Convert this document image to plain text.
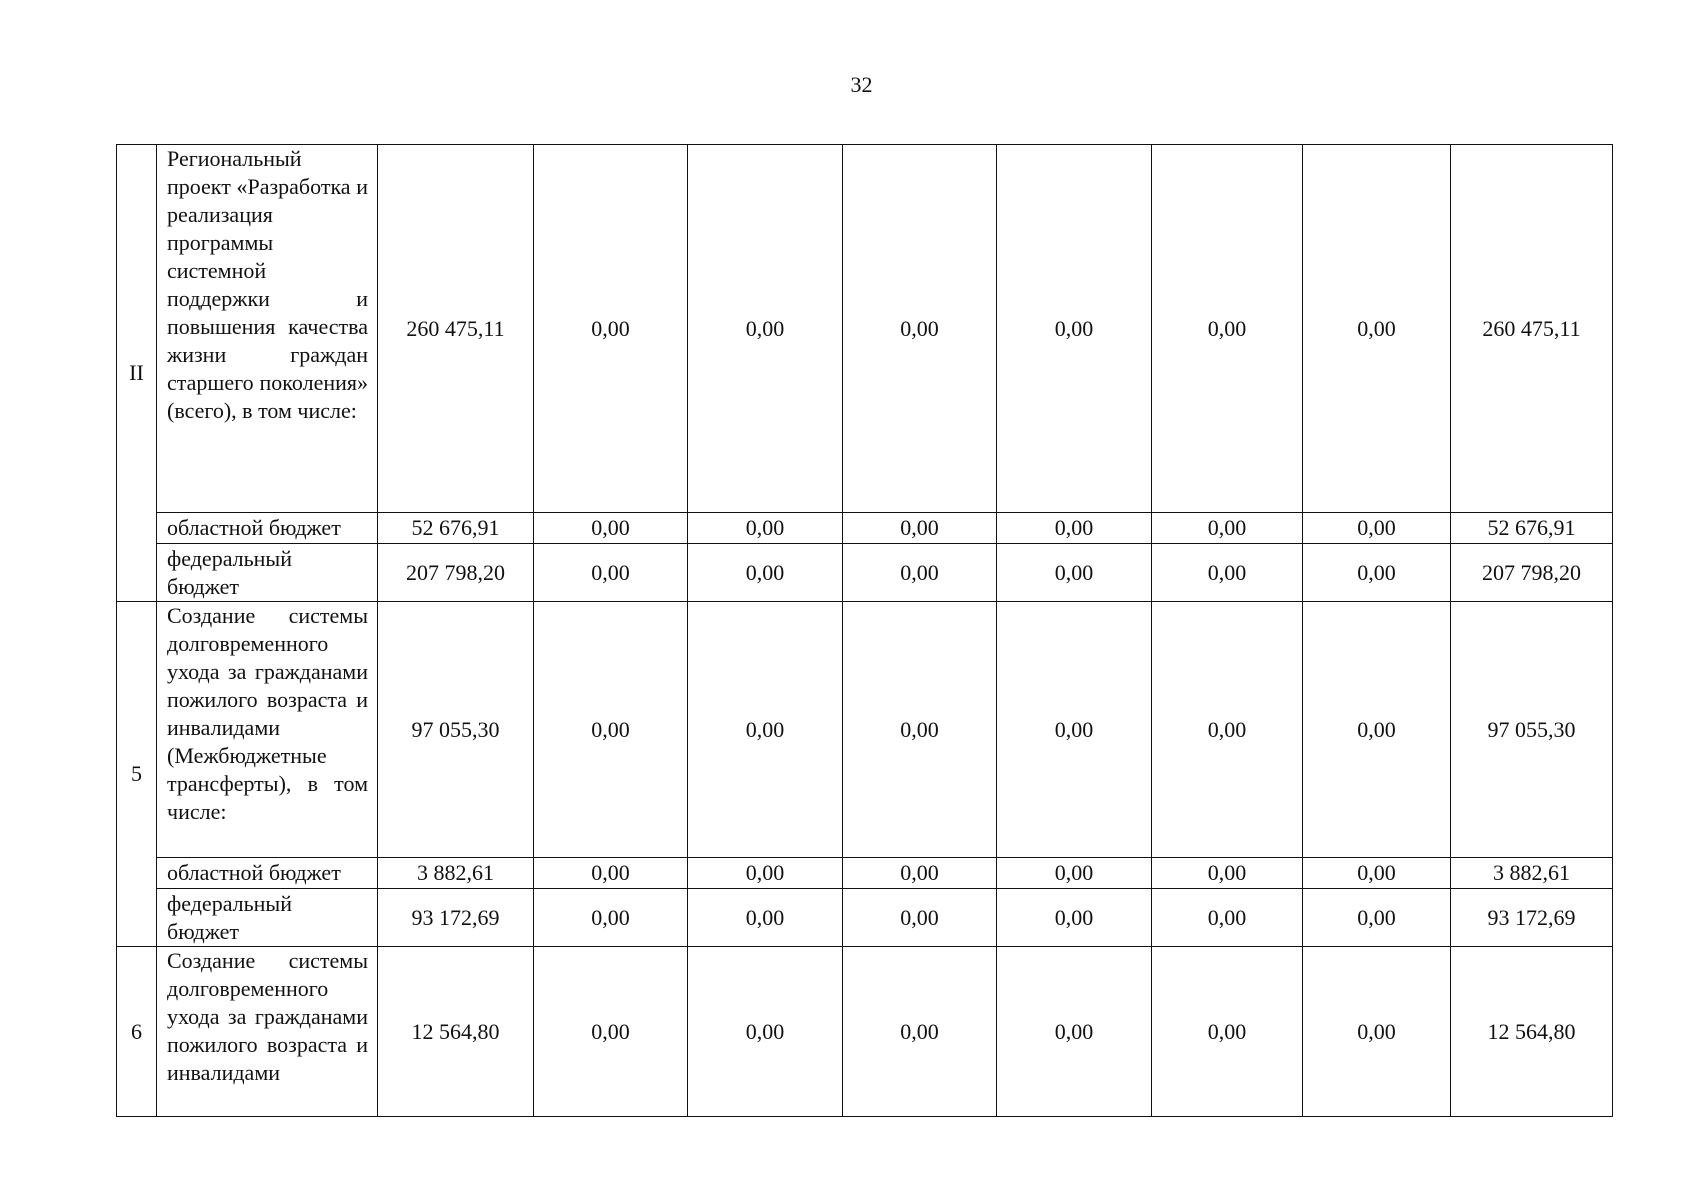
32
II	Региональный проект «Разработка и реализация программы системной поддержки и повышения качества жизни граждан старшего поколения» (всего), в том числе:	260 475,11	0,00	0,00	0,00	0,00	0,00	0,00	260 475,11
	областной бюджет	52 676,91	0,00	0,00	0,00	0,00	0,00	0,00	52 676,91
	федеральный бюджет	207 798,20	0,00	0,00	0,00	0,00	0,00	0,00	207 798,20
5	Создание системы долговременного ухода за гражданами пожилого возраста и инвалидами (Межбюджетные трансферты), в том числе:	97 055,30	0,00	0,00	0,00	0,00	0,00	0,00	97 055,30
	областной бюджет	3 882,61	0,00	0,00	0,00	0,00	0,00	0,00	3 882,61
	федеральный бюджет	93 172,69	0,00	0,00	0,00	0,00	0,00	0,00	93 172,69
6	Создание системы долговременного ухода за гражданами пожилого возраста и инвалидами	12 564,80	0,00	0,00	0,00	0,00	0,00	0,00	12 564,80
